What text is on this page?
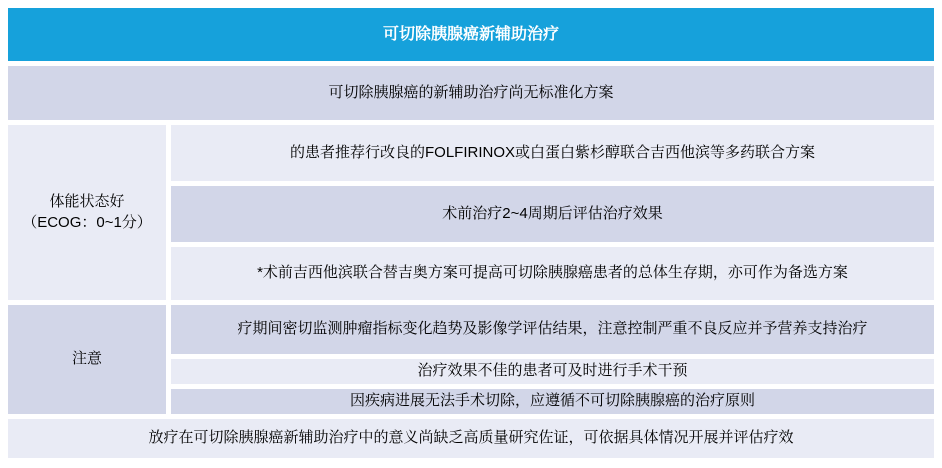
可切除胰腺癌新辅助治疗
可切除胰腺癌的新辅助治疗尚无标准化方案
体能状态好
（ECOG：0~1分）
的患者推荐行改良的FOLFIRINOX或白蛋白紫杉醇联合吉西他滨等多药联合方案
术前治疗2~4周期后评估治疗效果
*术前吉西他滨联合替吉奥方案可提高可切除胰腺癌患者的总体生存期，亦可作为备选方案
注意
疗期间密切监测肿瘤指标变化趋势及影像学评估结果，注意控制严重不良反应并予营养支持治疗
治疗效果不佳的患者可及时进行手术干预
因疾病进展无法手术切除，应遵循不可切除胰腺癌的治疗原则
放疗在可切除胰腺癌新辅助治疗中的意义尚缺乏高质量研究佐证，可依据具体情况开展并评估疗效
